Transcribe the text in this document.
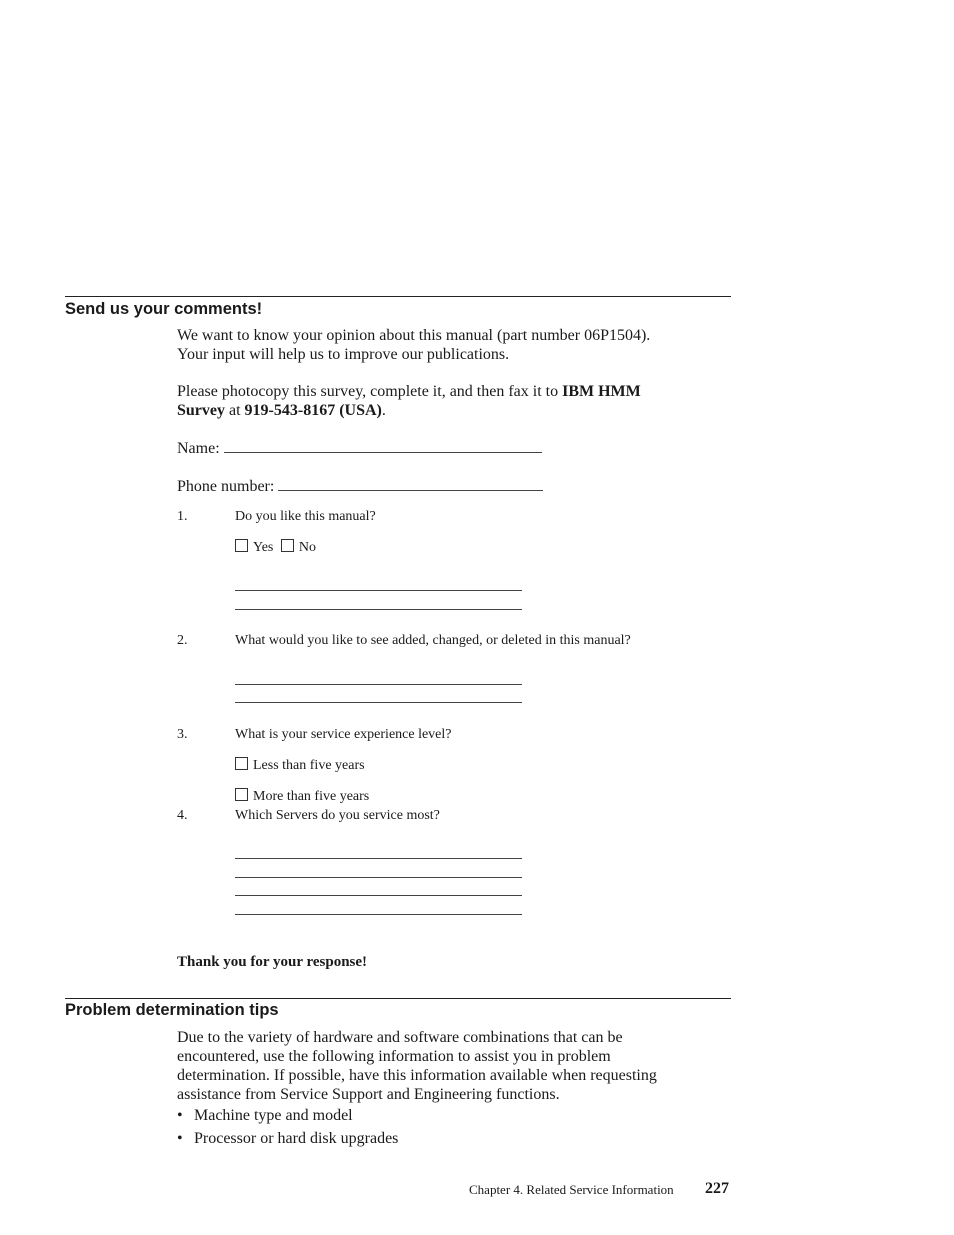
Send us your comments!
We want to know your opinion about this manual (part number 06P1504).
Your input will help us to improve our publications.
Please photocopy this survey, complete it, and then fax it to IBM HMM
Survey at 919-543-8167 (USA).
Name:
Phone number:
1.	Do you like this manual?
Yes No
2.	What would you like to see added, changed, or deleted in this manual?
3.	What is your service experience level?
Less than five years
More than five years
4.	Which Servers do you service most?
Thank you for your response!
Problem determination tips
Due to the variety of hardware and software combinations that can be
encountered, use the following information to assist you in problem
determination. If possible, have this information available when requesting
assistance from Service Support and Engineering functions.
• Machine type and model
• Processor or hard disk upgrades
Chapter 4. Related Service Information 227
